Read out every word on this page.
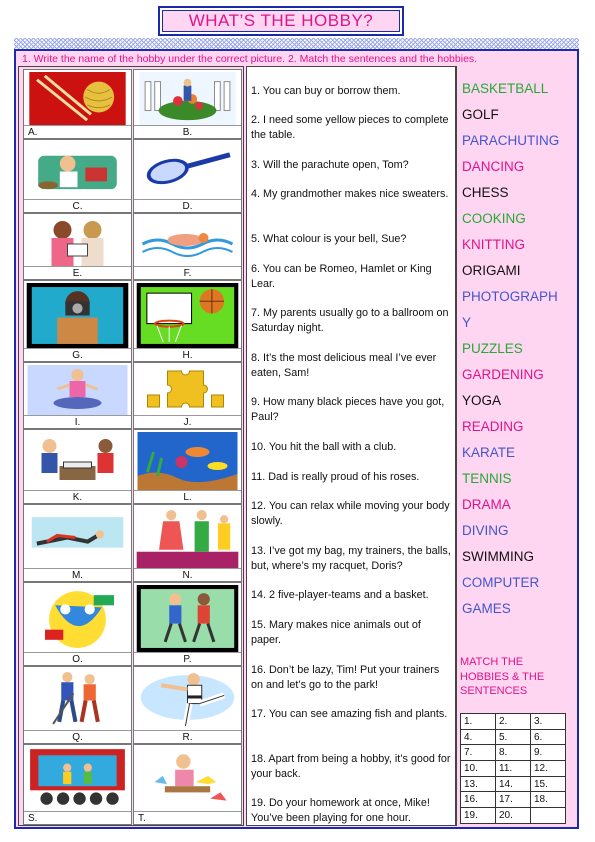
WHAT’S THE HOBBY?
1. Write the name of the hobby under the correct picture. 2. Match the sentences and the hobbies.
A.	B.
C.	D.
E.	F.
G.	H.
I.	J.
K.	L.
M.	N.
O.	P.
Q.	R.
S.	T.
1. You can buy or borrow them.
2. I need some yellow pieces to complete the table.
3. Will the parachute open, Tom?
4. My grandmother makes nice sweaters.
5. What colour is your bell, Sue?
6. You can be Romeo, Hamlet or King Lear.
7. My parents usually go to a ballroom on Saturday night.
8. It’s the most delicious meal I’ve ever eaten, Sam!
9. How many black pieces have you got, Paul?
10. You hit the ball with a club.
11. Dad is really proud of his roses.
12. You can relax while moving your body slowly.
13. I’ve got my bag, my trainers, the balls, but, where’s my racquet, Doris?
14. 2 five-player-teams and a basket.
15. Mary makes nice animals out of paper.
16. Don’t be lazy, Tim! Put your trainers on and let’s go to the park!
17. You can see amazing fish and plants.
18. Apart from being a hobby, it’s good for your back.
19. Do your homework at once, Mike! You’ve been playing for one hour.
BASKETBALL
GOLF
PARACHUTING
DANCING
CHESS
COOKING
KNITTING
ORIGAMI
PHOTOGRAPH
Y
PUZZLES
GARDENING
YOGA
READING
KARATE
TENNIS
DRAMA
DIVING
SWIMMING
COMPUTER
GAMES
MATCH THE HOBBIES & THE SENTENCES
1.	2.	3.
4.	5.	6.
7.	8.	9.
10.	11.	12.
13.	14.	15.
16.	17.	18.
19.	20.	
